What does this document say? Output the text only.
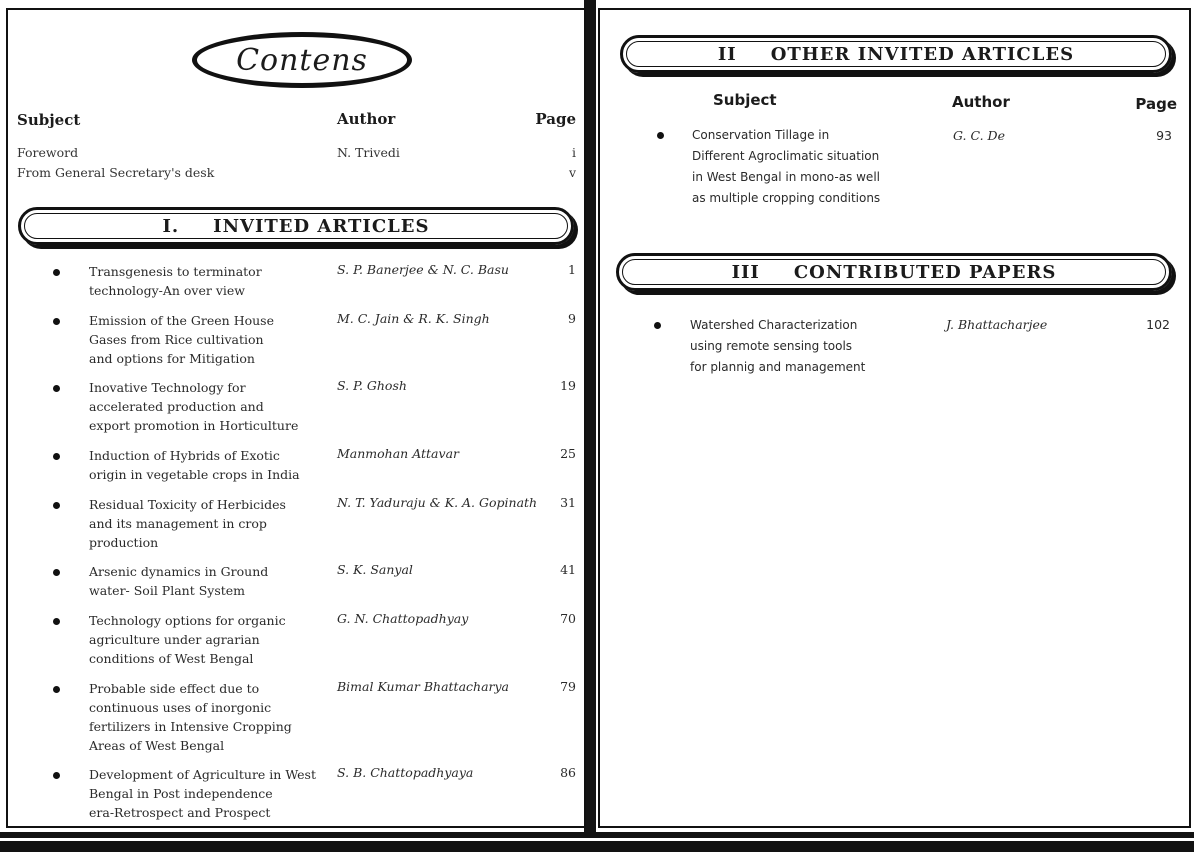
Contens
Subject	Author	Page
Foreword	N. Trivedi	i
From General Secretary's desk	v
I. INVITED ARTICLES
Transgenesis to terminator
technology-An over view
S. P. Banerjee & N. C. Basu	1
Emission of the Green House
Gases from Rice cultivation
and options for Mitigation
M. C. Jain & R. K. Singh	9
Inovative Technology for
accelerated production and
export promotion in Horticulture
S. P. Ghosh	19
Induction of Hybrids of Exotic
origin in vegetable crops in India
Manmohan Attavar	25
Residual Toxicity of Herbicides
and its management in crop
production
N. T. Yaduraju & K. A. Gopinath	31
Arsenic dynamics in Ground
water- Soil Plant System
S. K. Sanyal	41
Technology options for organic
agriculture under agrarian
conditions of West Bengal
G. N. Chattopadhyay	70
Probable side effect due to
continuous uses of inorgonic
fertilizers in Intensive Cropping
Areas of West Bengal
Bimal Kumar Bhattacharya	79
Development of Agriculture in West
Bengal in Post independence
era-Retrospect and Prospect
S. B. Chattopadhyaya	86
II OTHER INVITED ARTICLES
Subject	Author	Page
Conservation Tillage in
Different Agroclimatic situation
in West Bengal in mono-as well
as multiple cropping conditions
G. C. De	93
III CONTRIBUTED PAPERS
Watershed Characterization
using remote sensing tools
for plannig and management
J. Bhattacharjee	102
